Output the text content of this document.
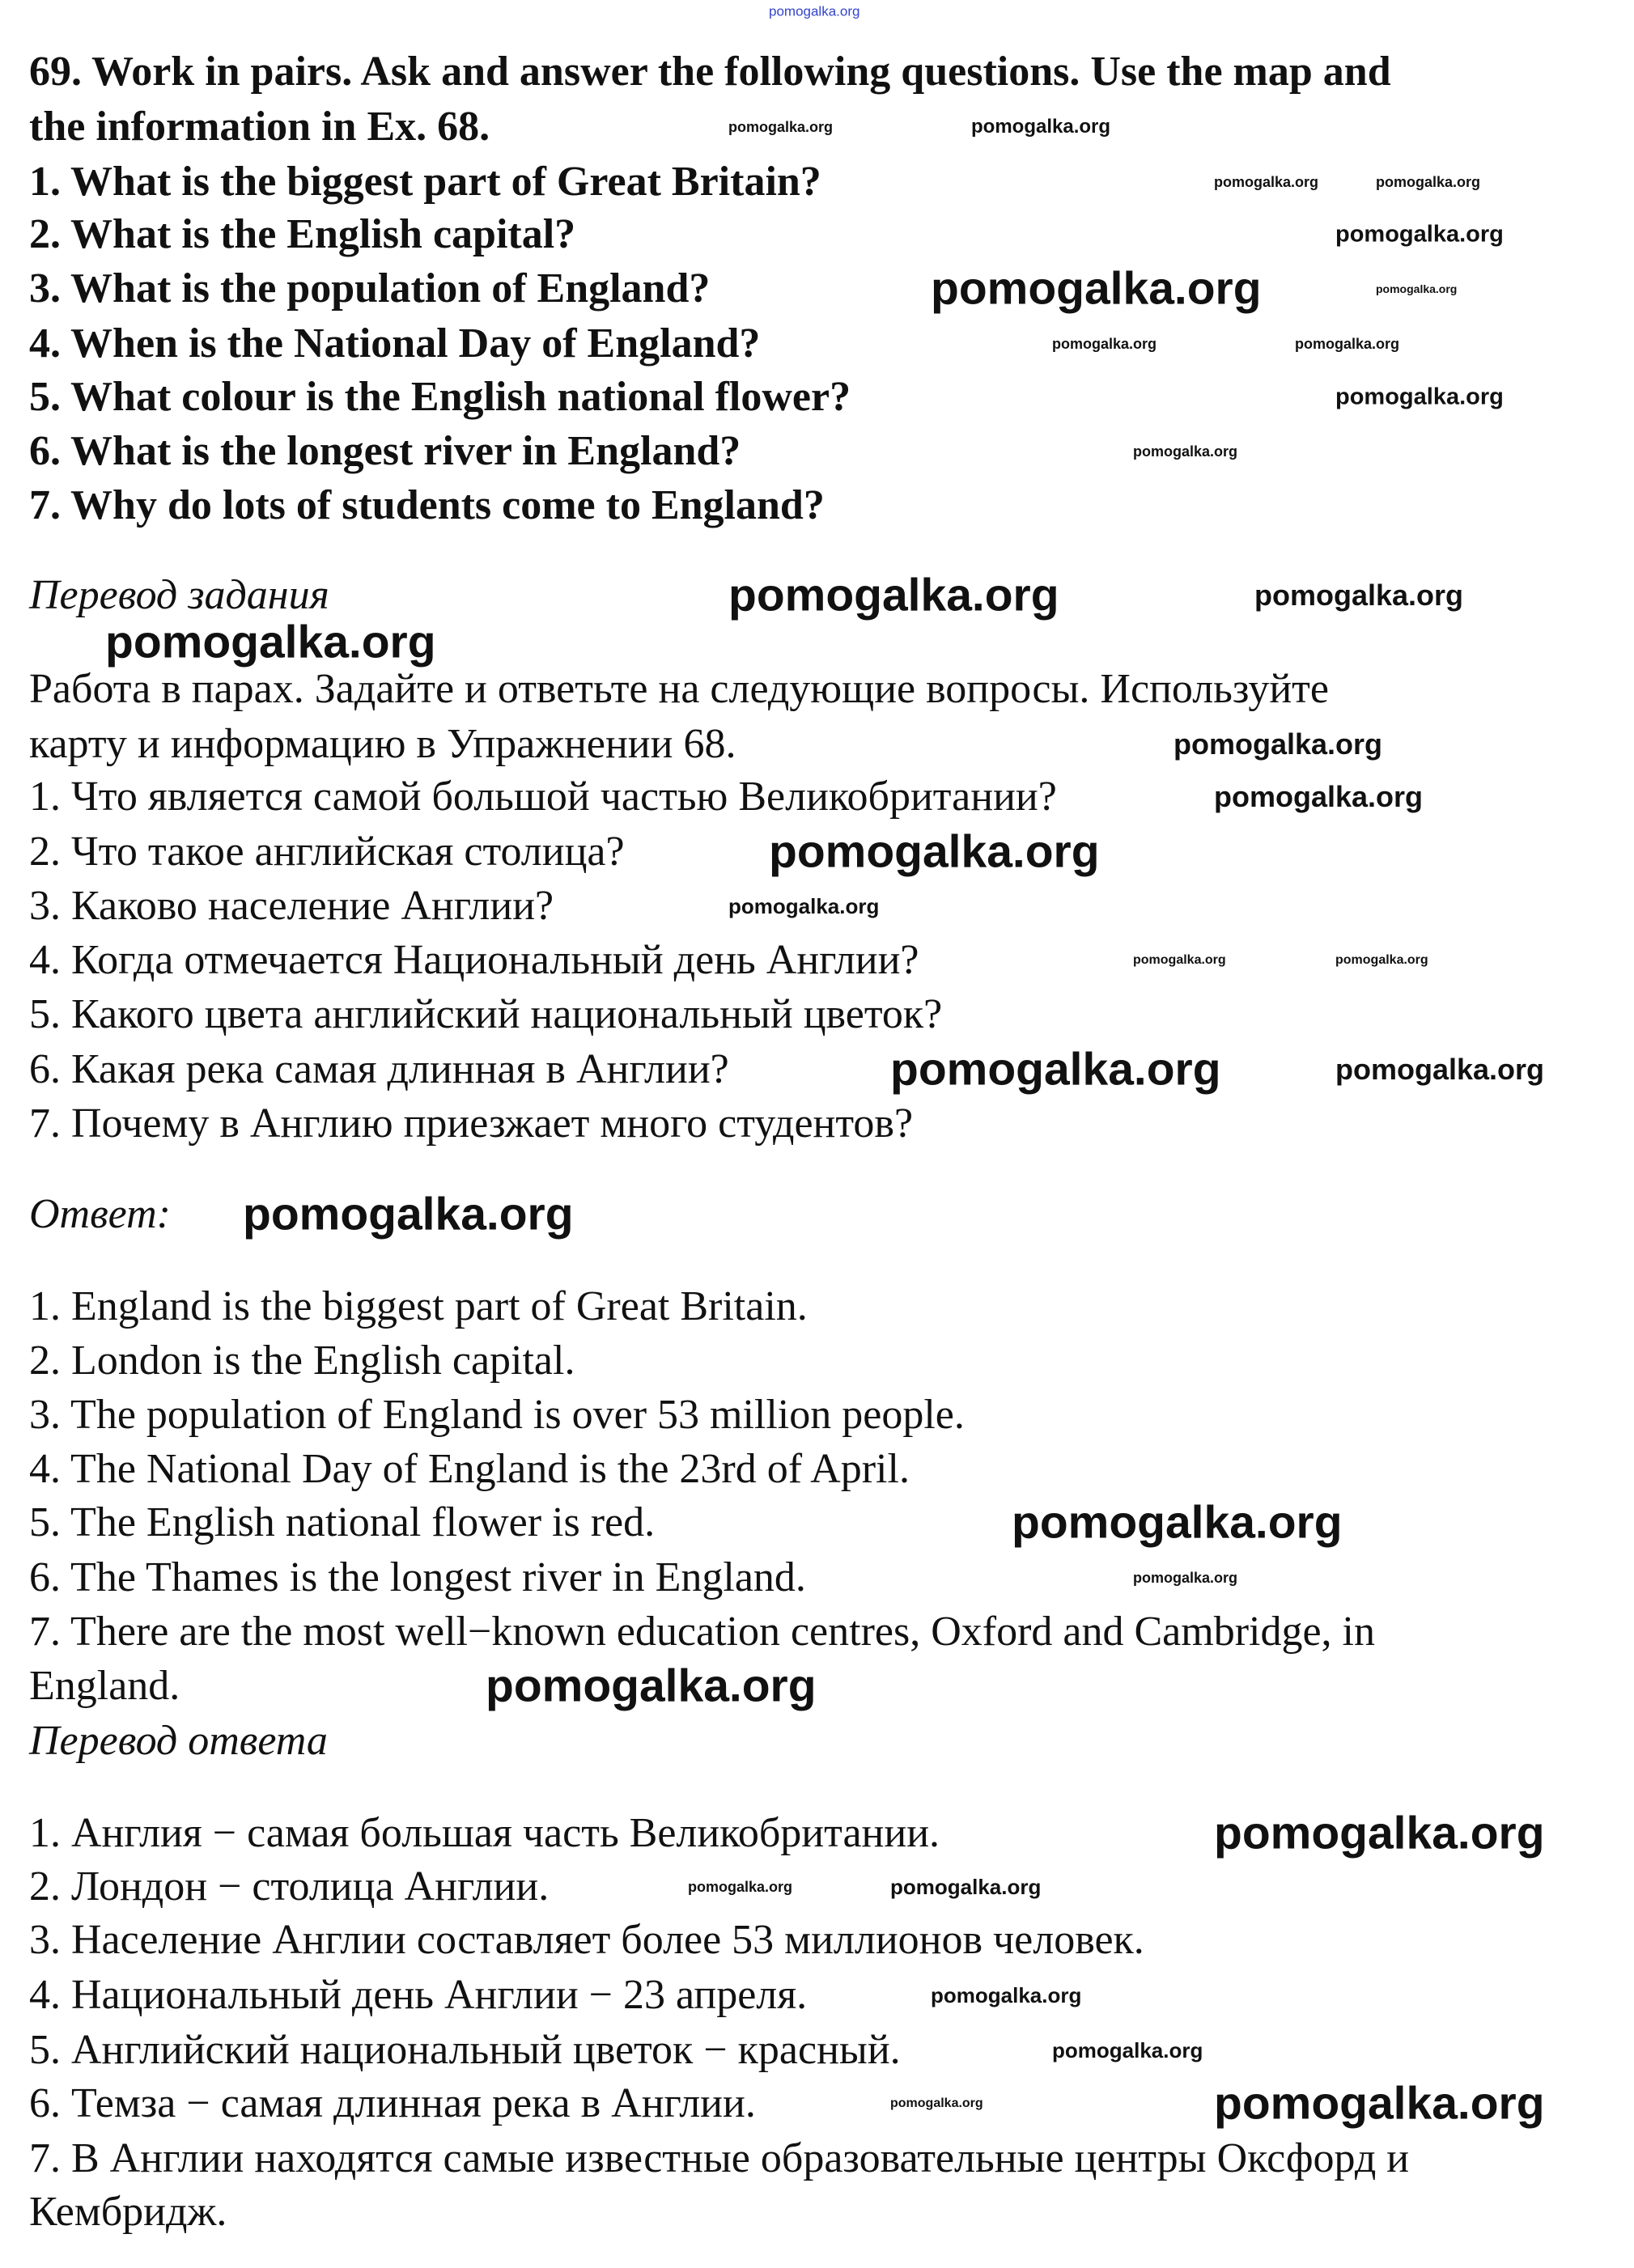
69. Work in pairs. Ask and answer the following questions. Use the map and
the information in Ex. 68.
1. What is the biggest part of Great Britain?
2. What is the English capital?
3. What is the population of England?
4. When is the National Day of England?
5. What colour is the English national flower?
6. What is the longest river in England?
7. Why do lots of students come to England?
Перевод задания
Работа в парах. Задайте и ответьте на следующие вопросы. Используйте
карту и информацию в Упражнении 68.
1. Что является самой большой частью Великобритании?
2. Что такое английская столица?
3. Каково население Англии?
4. Когда отмечается Национальный день Англии?
5. Какого цвета английский национальный цветок?
6. Какая река самая длинная в Англии?
7. Почему в Англию приезжает много студентов?
Ответ:
1. England is the biggest part of Great Britain.
2. London is the English capital.
3. The population of England is over 53 million people.
4. The National Day of England is the 23rd of April.
5. The English national flower is red.
6. The Thames is the longest river in England.
7. There are the most well−known education centres, Oxford and Cambridge, in
England.
Перевод ответа
1. Англия − самая большая часть Великобритании.
2. Лондон − столица Англии.
3. Население Англии составляет более 53 миллионов человек.
4. Национальный день Англии − 23 апреля.
5. Английский национальный цветок − красный.
6. Темза − самая длинная река в Англии.
7. В Англии находятся самые известные образовательные центры Оксфорд и
Кембридж.
pomogalka.org
pomogalka.org	pomogalka.org
pomogalka.org	pomogalka.org
pomogalka.org
pomogalka.org	pomogalka.org
pomogalka.org	pomogalka.org
pomogalka.org
pomogalka.org
pomogalka.org	pomogalka.org
pomogalka.org
pomogalka.org
pomogalka.org
pomogalka.org
pomogalka.org
pomogalka.org	pomogalka.org
pomogalka.org	pomogalka.org
pomogalka.org
pomogalka.org
pomogalka.org
pomogalka.org
pomogalka.org
pomogalka.org	pomogalka.org
pomogalka.org
pomogalka.org
pomogalka.org	pomogalka.org
